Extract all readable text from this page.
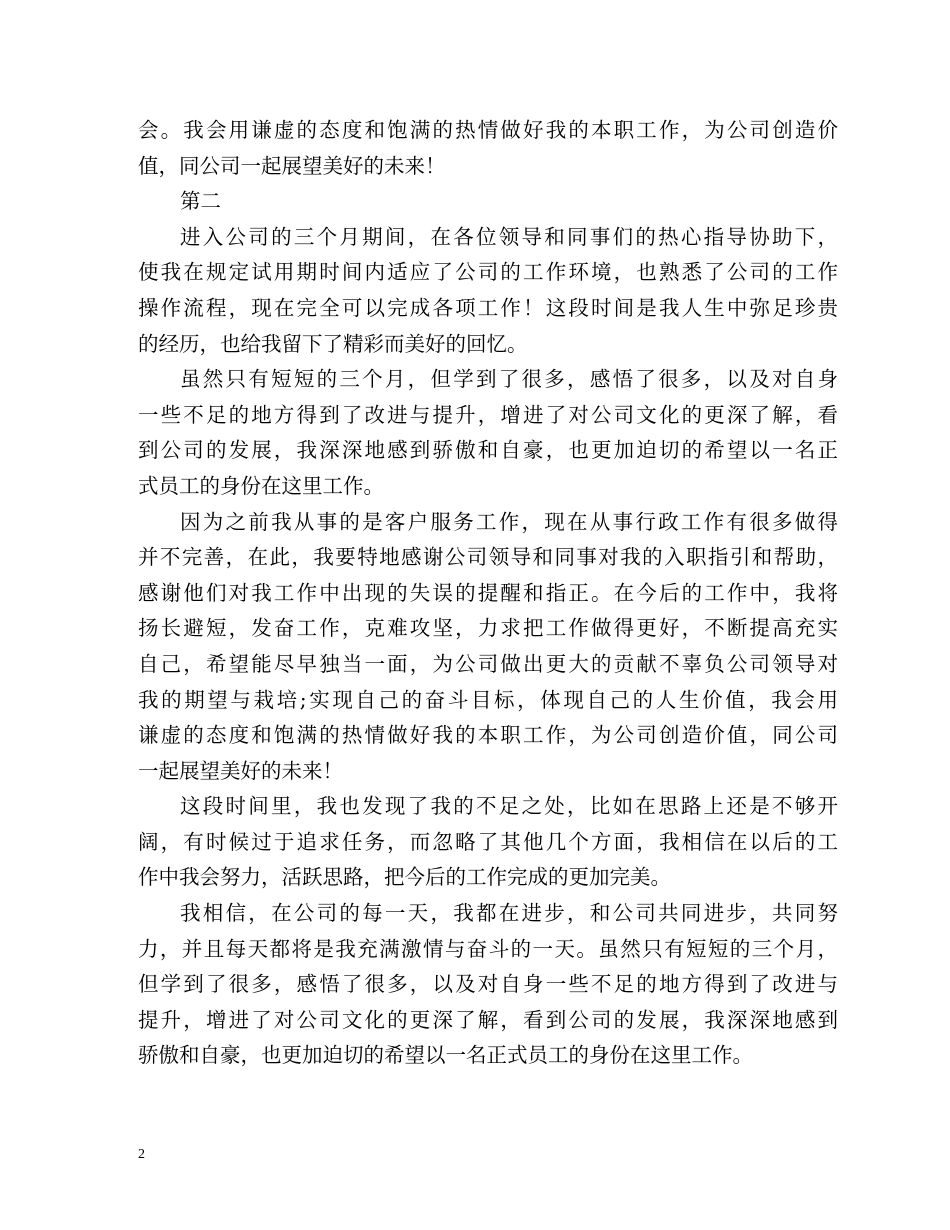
会。我会用谦虚的态度和饱满的热情做好我的本职工作，为公司创造价
值，同公司一起展望美好的未来！
第二
进入公司的三个月期间，在各位领导和同事们的热心指导协助下，
使我在规定试用期时间内适应了公司的工作环境，也熟悉了公司的工作
操作流程，现在完全可以完成各项工作！这段时间是我人生中弥足珍贵
的经历，也给我留下了精彩而美好的回忆。
虽然只有短短的三个月，但学到了很多，感悟了很多，以及对自身
一些不足的地方得到了改进与提升，增进了对公司文化的更深了解，看
到公司的发展，我深深地感到骄傲和自豪，也更加迫切的希望以一名正
式员工的身份在这里工作。
因为之前我从事的是客户服务工作，现在从事行政工作有很多做得
并不完善，在此，我要特地感谢公司领导和同事对我的入职指引和帮助，
感谢他们对我工作中出现的失误的提醒和指正。在今后的工作中，我将
扬长避短，发奋工作，克难攻坚，力求把工作做得更好，不断提高充实
自己，希望能尽早独当一面，为公司做出更大的贡献不辜负公司领导对
我的期望与栽培;实现自己的奋斗目标，体现自己的人生价值，我会用
谦虚的态度和饱满的热情做好我的本职工作，为公司创造价值，同公司
一起展望美好的未来！
这段时间里，我也发现了我的不足之处，比如在思路上还是不够开
阔，有时候过于追求任务，而忽略了其他几个方面，我相信在以后的工
作中我会努力，活跃思路，把今后的工作完成的更加完美。
我相信，在公司的每一天，我都在进步，和公司共同进步，共同努
力，并且每天都将是我充满激情与奋斗的一天。虽然只有短短的三个月，
但学到了很多，感悟了很多，以及对自身一些不足的地方得到了改进与
提升，增进了对公司文化的更深了解，看到公司的发展，我深深地感到
骄傲和自豪，也更加迫切的希望以一名正式员工的身份在这里工作。
2
